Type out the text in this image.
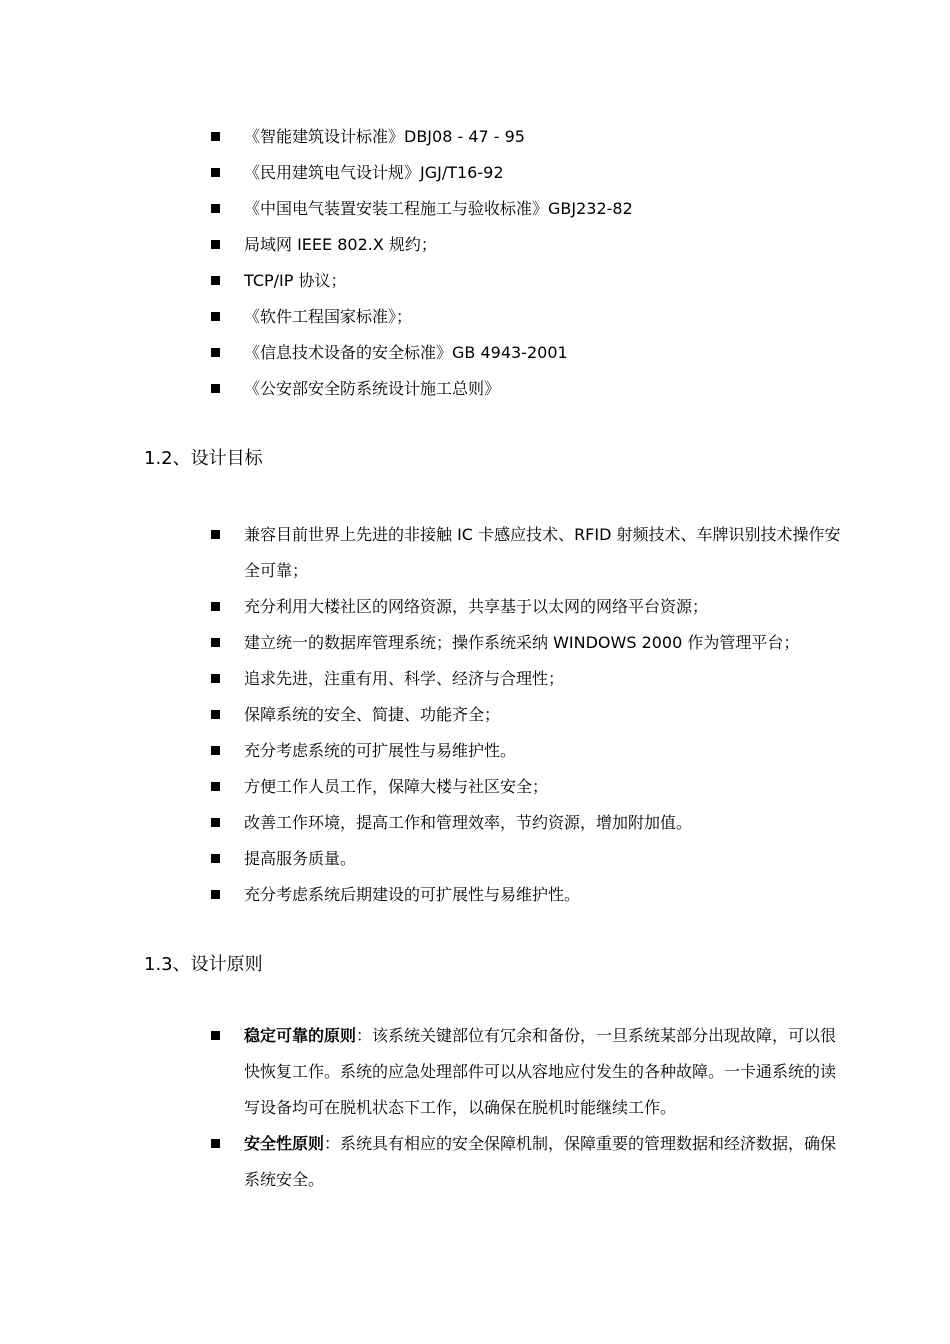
《智能建筑设计标准》DBJ08 - 47 - 95
《民用建筑电气设计规》JGJ/T16-92
《中国电气装置安装工程施工与验收标准》GBJ232-82
局域网 IEEE 802.X 规约；
TCP/IP 协议；
《软件工程国家标准》；
《信息技术设备的安全标准》GB 4943-2001
《公安部安全防系统设计施工总则》
1.2、设计目标
兼容目前世界上先进的非接触 IC 卡感应技术、RFID 射频技术、车牌识别技术操作安全可靠；
充分利用大楼社区的网络资源，共享基于以太网的网络平台资源；
建立统一的数据库管理系统；操作系统采纳 WINDOWS 2000 作为管理平台；
追求先进，注重有用、科学、经济与合理性；
保障系统的安全、简捷、功能齐全；
充分考虑系统的可扩展性与易维护性。
方便工作人员工作，保障大楼与社区安全；
改善工作环境，提高工作和管理效率，节约资源，增加附加值。
提高服务质量。
充分考虑系统后期建设的可扩展性与易维护性。
1.3、设计原则
稳定可靠的原则：该系统关键部位有冗余和备份，一旦系统某部分出现故障，可以很快恢复工作。系统的应急处理部件可以从容地应付发生的各种故障。一卡通系统的读写设备均可在脱机状态下工作，以确保在脱机时能继续工作。
安全性原则：系统具有相应的安全保障机制，保障重要的管理数据和经济数据，确保系统安全。
